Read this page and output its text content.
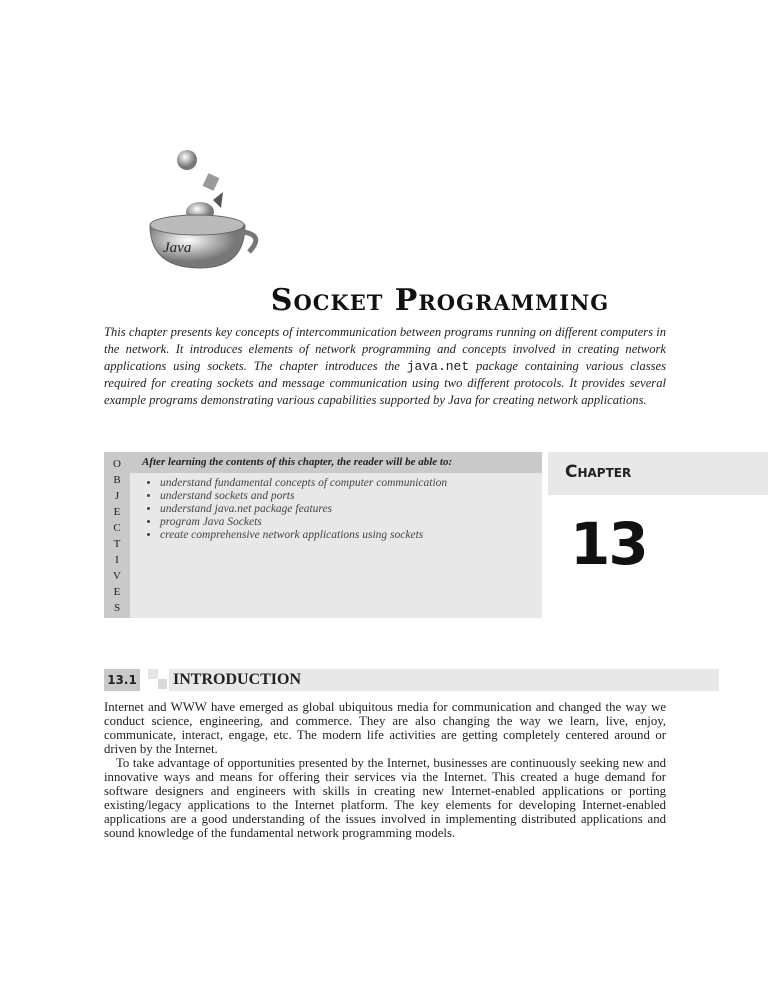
Java
Socket Programming
This chapter presents key concepts of intercommunication between programs running on different computers in the network. It introduces elements of network programming and concepts involved in creating network applications using sockets. The chapter introduces the java.net package containing various classes required for creating sockets and message communication using two different protocols. It provides several example programs demonstrating various capabilities supported by Java for creating network applications.
O
B
J
E
C
T
I
V
E
S
After learning the contents of this chapter, the reader will be able to:
• understand fundamental concepts of computer communication
• understand sockets and ports
• understand java.net package features
• program Java Sockets
• create comprehensive network applications using sockets
Chapter
13
13.1 INTRODUCTION

Internet and WWW have emerged as global ubiquitous media for communication and changed the way we conduct science, engineering, and commerce. They are also changing the way we learn, live, enjoy, communicate, interact, engage, etc. The modern life activities are getting completely centered around or driven by the Internet.

To take advantage of opportunities presented by the Internet, businesses are continuously seeking new and innovative ways and means for offering their services via the Internet. This created a huge demand for software designers and engineers with skills in creating new Internet-enabled applications or porting existing/legacy applications to the Internet platform. The key elements for developing Internet-enabled applications are a good understanding of the issues involved in implementing distributed applications and sound knowledge of the fundamental network programming models.
